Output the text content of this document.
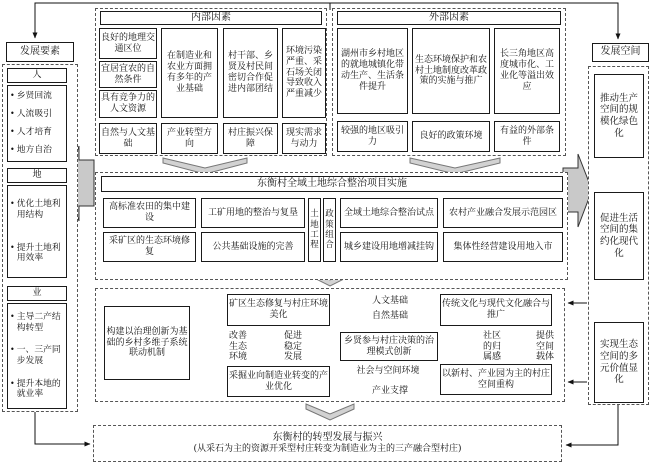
发展要素
人
• 乡贤回流
• 人流吸引
• 人才培育
• 地方自治
地
• 优化土地利用结构
• 提升土地利用效率
业
• 主导二产结构转型
• 一、三产同步发展
• 提升本地的就业率
内部因素
良好的地理交通区位
宜居宜农的自然条件
具有竞争力的人文资源
在制造业和农业方面拥有多年的产业基础
村干部、乡贤及村民间密切合作促进内部团结
环境污染严重、采石场关闭导致收入严重减少
自然与人文基础
产业转型方向
村庄振兴保障
现实需求与动力
外部因素
湖州市乡村地区的就地城镇化带动生产、生活条件提升
生态环境保护和农村土地制度改革政策的实施与推广
长三角地区高度城市化、工业化等溢出效应
较强的地区吸引力
良好的政策环境
有益的外部条件
东衡村全域土地综合整治项目实施
高标准农田的集中建设
工矿用地的整治与复垦
采矿区的生态环境修复
公共基础设施的完善
土地工程
政策组合
全域土地综合整治试点	农村产业融合发展示范园区
城乡建设用地增减挂钩	集体性经营建设用地入市
构建以治理创新为基础的乡村多维子系统联动机制
矿区生态修复与村庄环境美化
采掘业向制造业转变的产业优化
传统文化与现代文化融合与推广
以新村、产业园为主的村庄空间重构
乡贤参与村庄决策的治理模式创新
改善生态环境
促进稳定发展
社区的归属感
提供空间载体
人文基础
自然基础
社会与空间环境
产业支撑
发展空间
推动生产空间的规模化绿色化
促进生活空间的集约化现代化
实现生态空间的多元价值显化
东衡村的转型发展与振兴
(从采石为主的资源开采型村庄转变为制造业为主的三产融合型村庄)
